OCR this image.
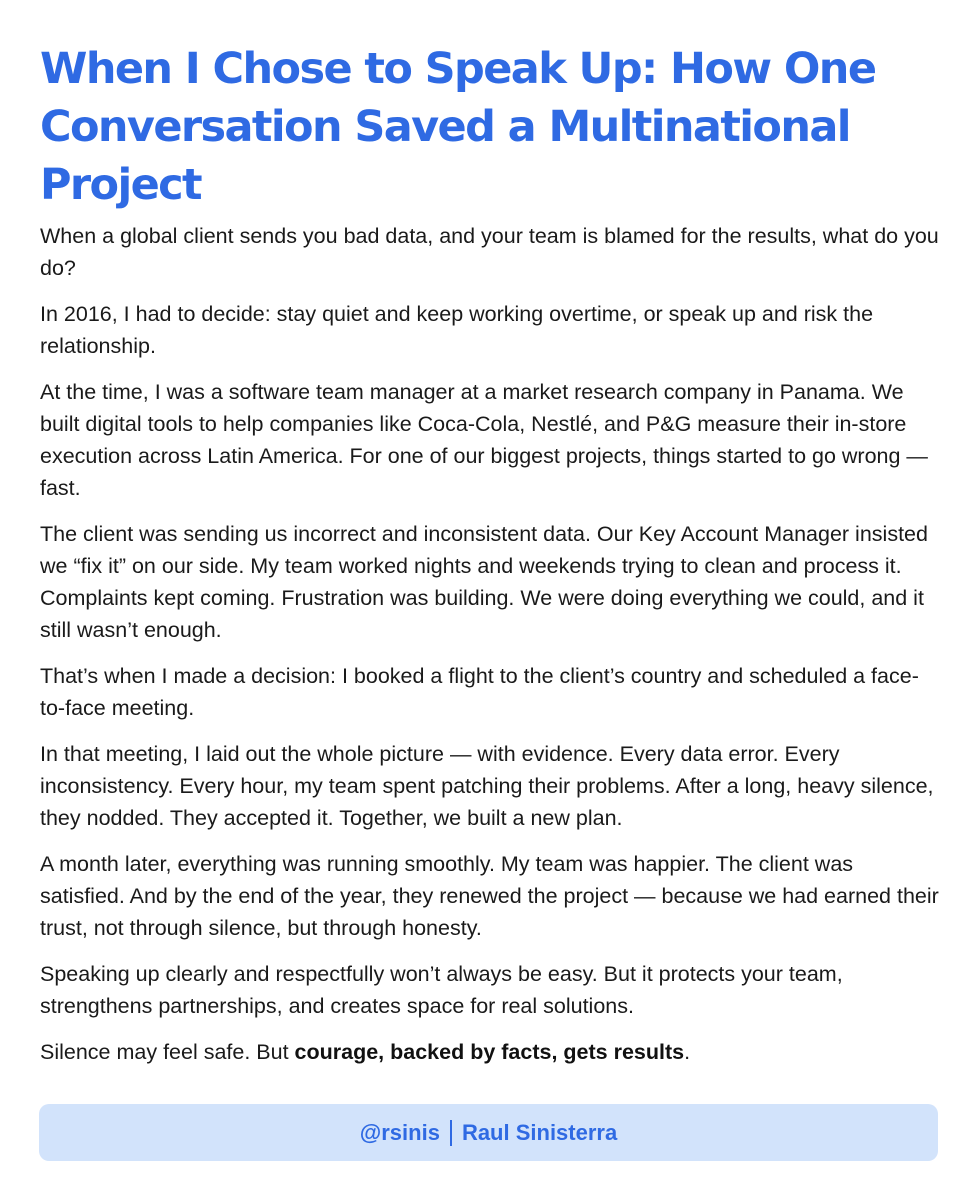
When I Chose to Speak Up: How One Conversation Saved a Multinational Project

When a global client sends you bad data, and your team is blamed for the results, what do you do?

In 2016, I had to decide: stay quiet and keep working overtime, or speak up and risk the relationship.

At the time, I was a software team manager at a market research company in Panama. We built digital tools to help companies like Coca-Cola, Nestlé, and P&G measure their in-store execution across Latin America. For one of our biggest projects, things started to go wrong — fast.

The client was sending us incorrect and inconsistent data. Our Key Account Manager insisted we “fix it” on our side. My team worked nights and weekends trying to clean and process it. Complaints kept coming. Frustration was building. We were doing everything we could, and it still wasn’t enough.

That’s when I made a decision: I booked a flight to the client’s country and scheduled a face-to-face meeting.

In that meeting, I laid out the whole picture — with evidence. Every data error. Every inconsistency. Every hour, my team spent patching their problems. After a long, heavy silence, they nodded. They accepted it. Together, we built a new plan.

A month later, everything was running smoothly. My team was happier. The client was satisfied. And by the end of the year, they renewed the project — because we had earned their trust, not through silence, but through honesty.

Speaking up clearly and respectfully won’t always be easy. But it protects your team, strengthens partnerships, and creates space for real solutions.

Silence may feel safe. But courage, backed by facts, gets results.

@rsinis Raul Sinisterra
